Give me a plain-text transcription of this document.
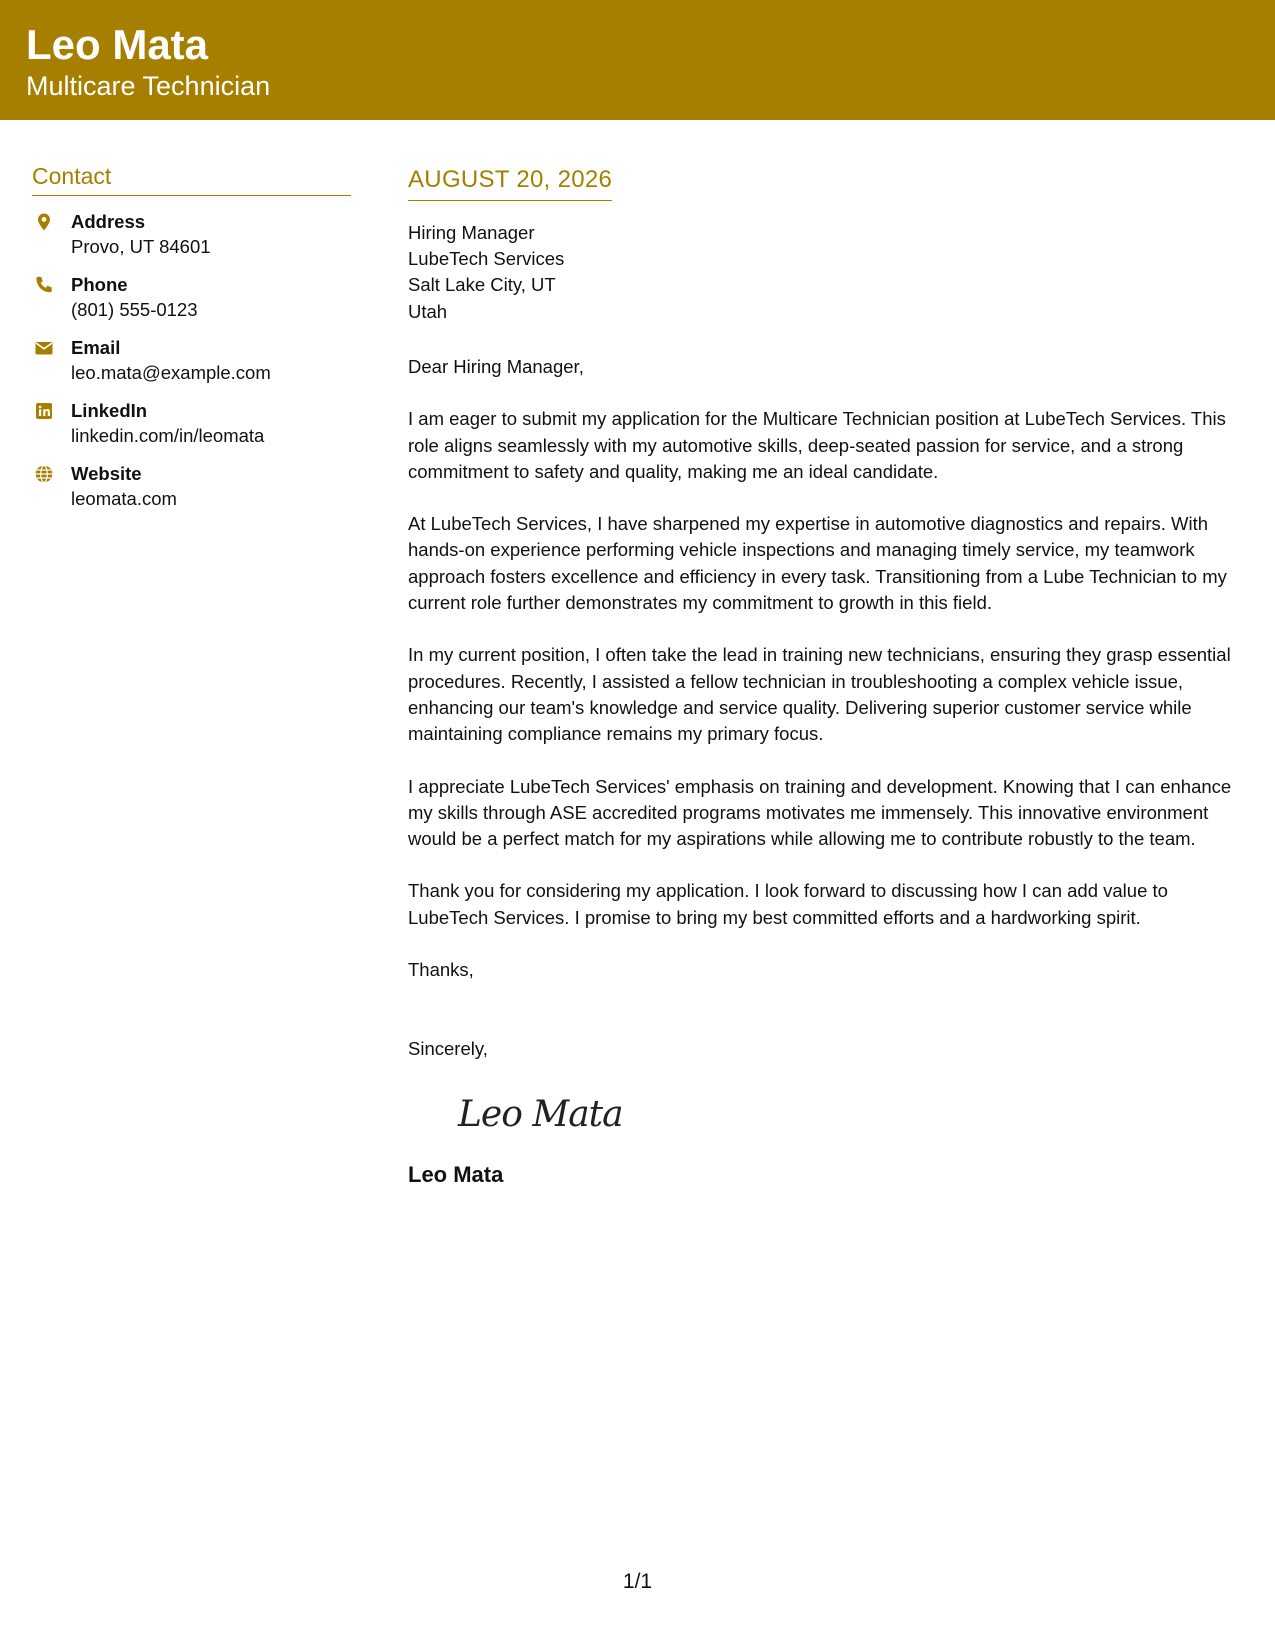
Leo Mata
Multicare Technician
Contact
Address
Provo, UT 84601
Phone
(801) 555-0123
Email
leo.mata@example.com
LinkedIn
linkedin.com/in/leomata
Website
leomata.com
AUGUST 20, 2026
Hiring Manager
LubeTech Services
Salt Lake City, UT
Utah
Dear Hiring Manager,
I am eager to submit my application for the Multicare Technician position at LubeTech Services. This role aligns seamlessly with my automotive skills, deep-seated passion for service, and a strong commitment to safety and quality, making me an ideal candidate.
At LubeTech Services, I have sharpened my expertise in automotive diagnostics and repairs. With hands-on experience performing vehicle inspections and managing timely service, my teamwork approach fosters excellence and efficiency in every task. Transitioning from a Lube Technician to my current role further demonstrates my commitment to growth in this field.
In my current position, I often take the lead in training new technicians, ensuring they grasp essential procedures. Recently, I assisted a fellow technician in troubleshooting a complex vehicle issue, enhancing our team's knowledge and service quality. Delivering superior customer service while maintaining compliance remains my primary focus.
I appreciate LubeTech Services' emphasis on training and development. Knowing that I can enhance my skills through ASE accredited programs motivates me immensely. This innovative environment would be a perfect match for my aspirations while allowing me to contribute robustly to the team.
Thank you for considering my application. I look forward to discussing how I can add value to LubeTech Services. I promise to bring my best committed efforts and a hardworking spirit.
Thanks,
Sincerely,
Leo Mata
Leo Mata
1/1
